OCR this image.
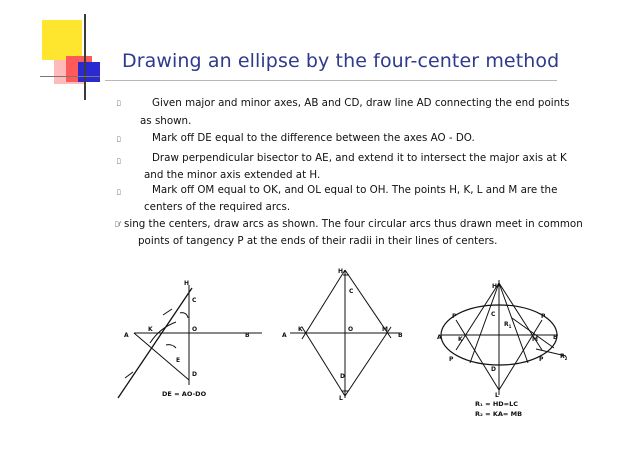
Drawing an ellipse by the four-center method
Given major and minor axes, AB and CD, draw line AD connecting the end points
as shown.
Mark off DE equal to the difference between the axes AO - DO.
Draw perpendicular bisector to AE, and extend it to intersect the major axis at K
and the minor axis extended at H.
Mark off OM equal to OK, and OL equal to OH. The points H, K, L and M are the
centers of the required arcs.
ŕ sing the centers, draw arcs as shown. The four circular arcs thus drawn meet in common
points of tangency P at the ends of their radii in their lines of centers.
A
K	O
B
C
D
E
H
DE = AO-DO
A
K	O	M
B
C
D
H
L
H
C
A	K	M	B
D
L
P	P
P	P
$R_1$
$R_2$
R₁ = HD=LC
R₂ = KA= MB
